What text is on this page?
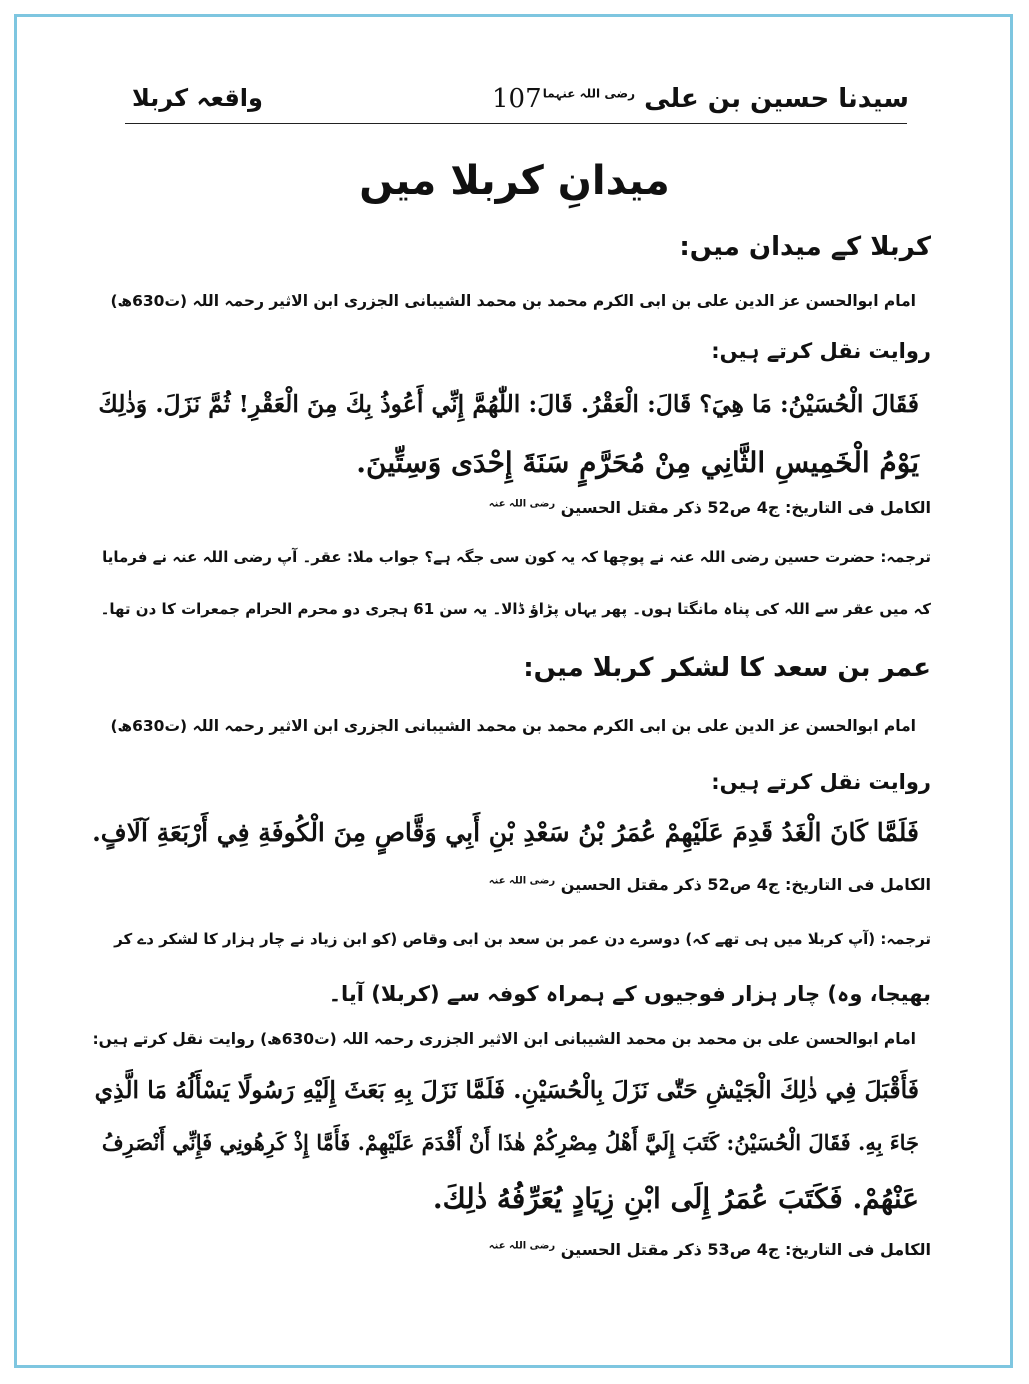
سیدنا حسین بن علی $^{رضی اللہ عنہما}$
107
واقعہ کربلا
میدانِ کربلا میں
کربلا کے میدان میں:
امام ابوالحسن عز الدین علی بن ابی الکرم محمد بن محمد الشیبانی الجزری ابن الاثیر رحمہ اللہ (ت630ھ)
روایت نقل کرتے ہیں:
فَقَالَ الْحُسَيْنُ: مَا هِيَ؟ قَالَ: الْعَقْرُ. قَالَ: اللّٰهُمَّ إِنِّي أَعُوذُ بِكَ مِنَ الْعَقْرِ! ثُمَّ نَزَلَ. وَذٰلِكَ
يَوْمُ الْخَمِيسِ الثَّانِي مِنْ مُحَرَّمٍ سَنَةَ إِحْدَى وَسِتِّينَ.
الکامل فی التاریخ: ج4 ص52 ذکر مقتل الحسین $^{رضی اللہ عنہ}$
ترجمہ: حضرت حسین رضی اللہ عنہ نے پوچھا کہ یہ کون سی جگہ ہے؟ جواب ملا: عقر۔ آپ رضی اللہ عنہ نے فرمایا
کہ میں عقر سے اللہ کی پناہ مانگتا ہوں۔ پھر یہاں پڑاؤ ڈالا۔ یہ سن 61 ہجری دو محرم الحرام جمعرات کا دن تھا۔
عمر بن سعد کا لشکر کربلا میں:
امام ابوالحسن عز الدین علی بن ابی الکرم محمد بن محمد الشیبانی الجزری ابن الاثیر رحمہ اللہ (ت630ھ)
روایت نقل کرتے ہیں:
فَلَمَّا كَانَ الْغَدُ قَدِمَ عَلَيْهِمْ عُمَرُ بْنُ سَعْدِ بْنِ أَبِي وَقَّاصٍ مِنَ الْكُوفَةِ فِي أَرْبَعَةِ آلَافٍ.
الکامل فی التاریخ: ج4 ص52 ذکر مقتل الحسین $^{رضی اللہ عنہ}$
ترجمہ: (آپ کربلا میں ہی تھے کہ) دوسرے دن عمر بن سعد بن ابی وقاص (کو ابن زیاد نے چار ہزار کا لشکر دے کر
بھیجا، وہ) چار ہزار فوجیوں کے ہمراہ کوفہ سے (کربلا) آیا۔
امام ابوالحسن علی بن محمد بن محمد الشیبانی ابن الاثیر الجزری رحمہ اللہ (ت630ھ) روایت نقل کرتے ہیں:
فَأَقْبَلَ فِي ذٰلِكَ الْجَيْشِ حَتّٰى نَزَلَ بِالْحُسَيْنِ. فَلَمَّا نَزَلَ بِهِ بَعَثَ إِلَيْهِ رَسُولًا يَسْأَلُهُ مَا الَّذِي
جَاءَ بِهِ. فَقَالَ الْحُسَيْنُ: كَتَبَ إِلَيَّ أَهْلُ مِصْرِكُمْ هٰذَا أَنْ أَقْدَمَ عَلَيْهِمْ. فَأَمَّا إِذْ كَرِهُونِي فَإِنِّي أَنْصَرِفُ
عَنْهُمْ. فَكَتَبَ عُمَرُ إِلَى ابْنِ زِيَادٍ يُعَرِّفُهُ ذٰلِكَ.
الکامل فی التاریخ: ج4 ص53 ذکر مقتل الحسین $^{رضی اللہ عنہ}$
